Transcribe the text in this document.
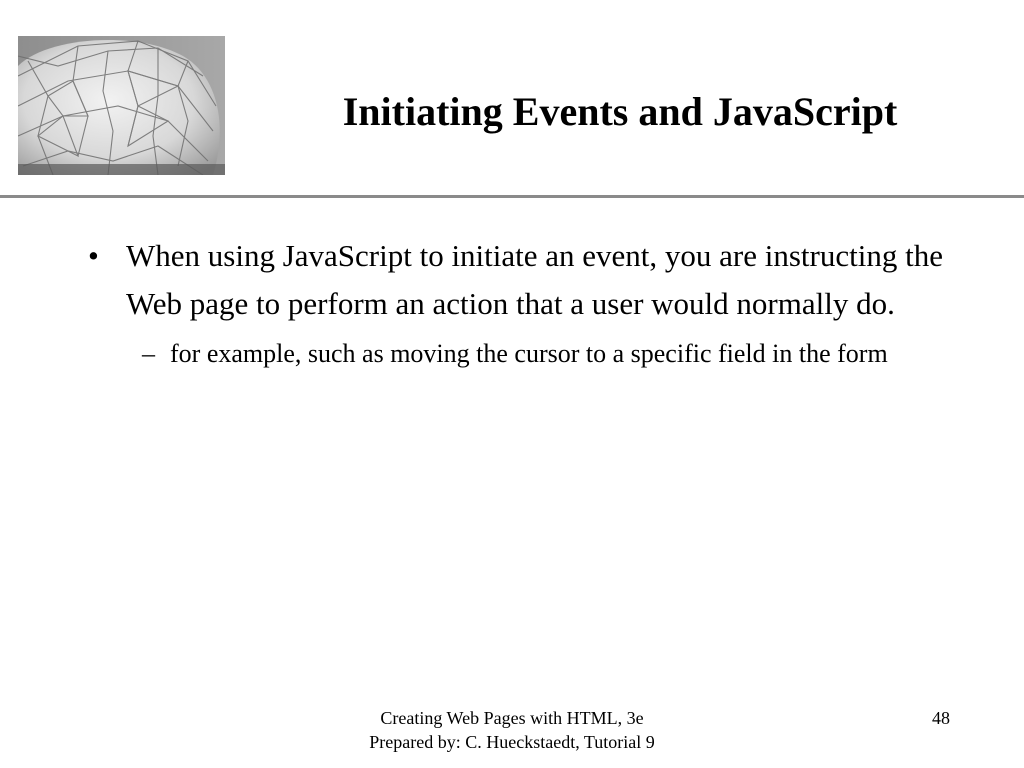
Initiating Events and JavaScript
• When using JavaScript to initiate an event, you are instructing the Web page to perform an action that a user would normally do.
– for example, such as moving the cursor to a specific field in the form
Creating Web Pages with HTML, 3e
Prepared by: C. Hueckstaedt, Tutorial 9
48
